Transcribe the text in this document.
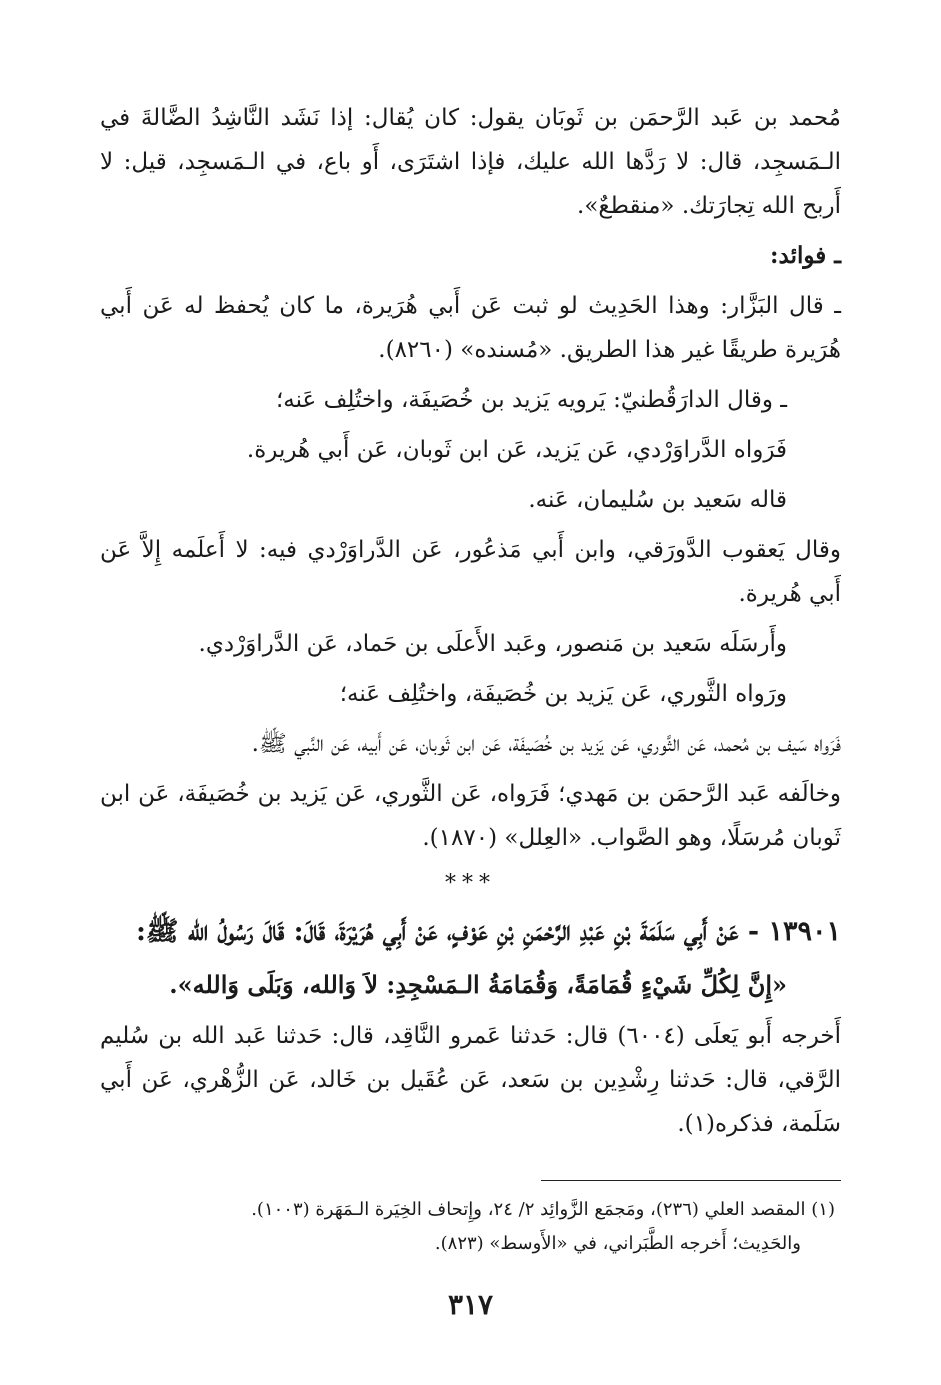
مُحمد بن عَبد الرَّحمَن بن ثَوبَان يقول: كان يُقال: إذا نَشَد النَّاشِدُ الضَّالةَ في الـمَسجِد، قال: لا رَدَّها الله عليك، فإذا اشتَرَى، أَو باع، في الـمَسجِد، قيل: لا أَربح الله تِجارَتك. «منقطعٌ».

ـ فوائد:

ـ قال البَزَّار: وهذا الحَدِيث لو ثبت عَن أَبي هُرَيرة، ما كان يُحفظ له عَن أَبي هُرَيرة طريقًا غير هذا الطريق. «مُسنده» (٨٢٦٠).

ـ وقال الدارَقُطنيّ: يَرويه يَزيد بن خُصَيفَة، واختُلِف عَنه؛

فَرَواه الدَّراوَرْدي، عَن يَزيد، عَن ابن ثَوبان، عَن أَبي هُريرة.

قاله سَعيد بن سُليمان، عَنه.

وقال يَعقوب الدَّورَقي، وابن أَبي مَذعُور، عَن الدَّراوَرْدي فيه: لا أَعلَمه إِلاَّ عَن أَبي هُريرة.

وأَرسَلَه سَعيد بن مَنصور، وعَبد الأَعلَى بن حَماد، عَن الدَّراوَرْدي.

ورَواه الثَّوري، عَن يَزيد بن خُصَيفَة، واختُلِف عَنه؛

فَرَواه سَيف بن مُحمد، عَن الثَّوري، عَن يَزيد بن خُصَيفَة، عَن ابن ثَوبان، عَن أَبيه، عَن النَّبي ﷺ.

وخالَفه عَبد الرَّحمَن بن مَهدي؛ فَرَواه، عَن الثَّوري، عَن يَزيد بن خُصَيفَة، عَن ابن ثَوبان مُرسَلًا، وهو الصَّواب. «العِلل» (١٨٧٠).

***

١٣٩٠١ - عَنْ أَبِي سَلَمَةَ بْنِ عَبْدِ الرَّحْمَنِ بْنِ عَوْفٍ، عَنْ أَبِي هُرَيْرَةَ، قَالَ: قَالَ رَسُولُ الله ﷺ:

«إِنَّ لِكُلِّ شَيْءٍ قُمَامَةً، وَقُمَامَةُ الـمَسْجِدِ: لاَ وَالله، وَبَلَى وَالله».

أَخرجه أَبو يَعلَى (٦٠٠٤) قال: حَدثنا عَمرو النَّاقِد، قال: حَدثنا عَبد الله بن سُليم الرَّقي، قال: حَدثنا رِشْدِين بن سَعد، عَن عُقَيل بن خَالد، عَن الزُّهْري، عَن أَبي سَلَمة، فذكره(١).

(١) المقصد العلي (٢٣٦)، ومَجمَع الزَّوائِد ٢/ ٢٤، وإِتحاف الخِيَرة الـمَهَرة (١٠٠٣).

والحَدِيث؛ أَخرجه الطَّبَراني، في «الأَوسط» (٨٢٣).

٣١٧
